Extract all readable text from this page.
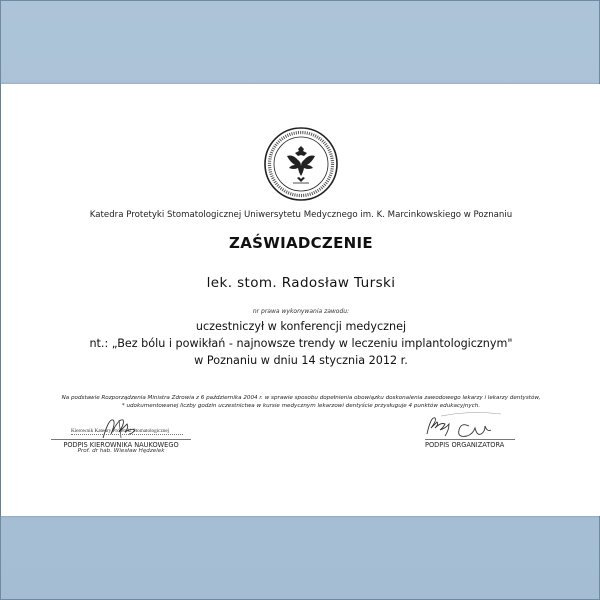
Katedra Protetyki Stomatologicznej Uniwersytetu Medycznego im. K. Marcinkowskiego w Poznaniu
ZAŚWIADCZENIE
lek. stom. Radosław Turski
nr prawa wykonywania zawodu:
uczestniczył w konferencji medycznej
nt.: „Bez bólu i powikłań - najnowsze trendy w leczeniu implantologicznym"
w Poznaniu w dniu 14 stycznia 2012 r.
Na podstawie Rozporządzenia Ministra Zdrowia z 6 października 2004 r. w sprawie sposobu dopełnienia obowiązku doskonalenia zawodowego lekarzy i lekarzy dentystów,
* udokumentowanej liczby godzin uczestnictwa w kursie medycznym lekarzowi dentyście przysługuje 4 punktów edukacyjnych.
Kierownik Katedry Protetyki Stomatologicznej
PODPIS KIEROWNIKA NAUKOWEGO
Prof. dr hab. Wiesław Hędzelek
PODPIS ORGANIZATORA
